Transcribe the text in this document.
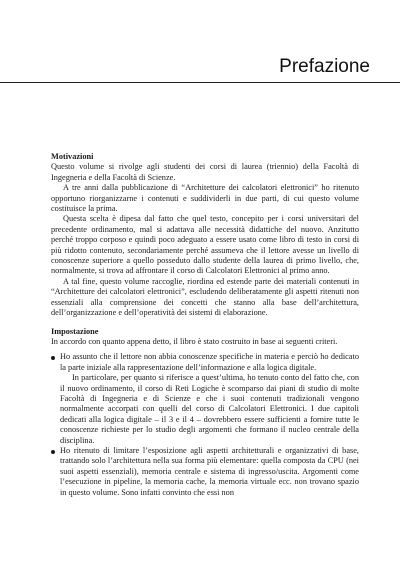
Prefazione

Motivazioni

Questo volume si rivolge agli studenti dei corsi di laurea (triennio) della Facoltà di Ingegneria e della Facoltà di Scienze.

A tre anni dalla pubblicazione di “Architetture dei calcolatori elettronici” ho ritenuto opportuno riorganizzarne i contenuti e suddividerli in due parti, di cui questo volume costituisce la prima.

Questa scelta è dipesa dal fatto che quel testo, concepito per i corsi universitari del precedente ordinamento, mal si adattava alle necessità didattiche del nuovo. Anzitutto perché troppo corposo e quindi poco adeguato a essere usato come libro di testo in corsi di più ridotto contenuto, secondariamente perché assumeva che il lettore avesse un livello di conoscenze superiore a quello posseduto dallo studente della laurea di primo livello, che, normalmente, si trova ad affrontare il corso di Calcolatori Elettronici al primo anno.

A tal fine, questo volume raccoglie, riordina ed estende parte dei materiali contenuti in “Architetture dei calcolatori elettronici”, escludendo deliberatamente gli aspetti ritenuti non essenziali alla comprensione dei concetti che stanno alla base dell’architettura, dell’organizzazione e dell’operatività dei sistemi di elaborazione.

Impostazione

In accordo con quanto appena detto, il libro è stato costruito in base ai seguenti criteri.

Ho assunto che il lettore non abbia conoscenze specifiche in materia e perciò ho dedicato la parte iniziale alla rappresentazione dell’informazione e alla logica digitale.

In particolare, per quanto si riferisce a quest’ultima, ho tenuto conto del fatto che, con il nuovo ordinamento, il corso di Reti Logiche è scomparso dai piani di studio di molte Facoltà di Ingegneria e di Scienze e che i suoi contenuti tradizionali vengono normalmente accorpati con quelli del corso di Calcolatori Elettronici. I due capitoli dedicati alla logica digitale – il 3 e il 4 – dovrebbero essere sufficienti a fornire tutte le conoscenze richieste per lo studio degli argomenti che formano il nucleo centrale della disciplina.

Ho ritenuto di limitare l’esposizione agli aspetti architetturali e organizzativi di base, trattando solo l’architettura nella sua forma più elementare: quella composta da CPU (nei suoi aspetti essenziali), memoria centrale e sistema di ingresso/uscita. Argomenti come l’esecuzione in pipeline, la memoria cache, la memoria virtuale ecc. non trovano spazio in questo volume. Sono infatti convinto che essi non
